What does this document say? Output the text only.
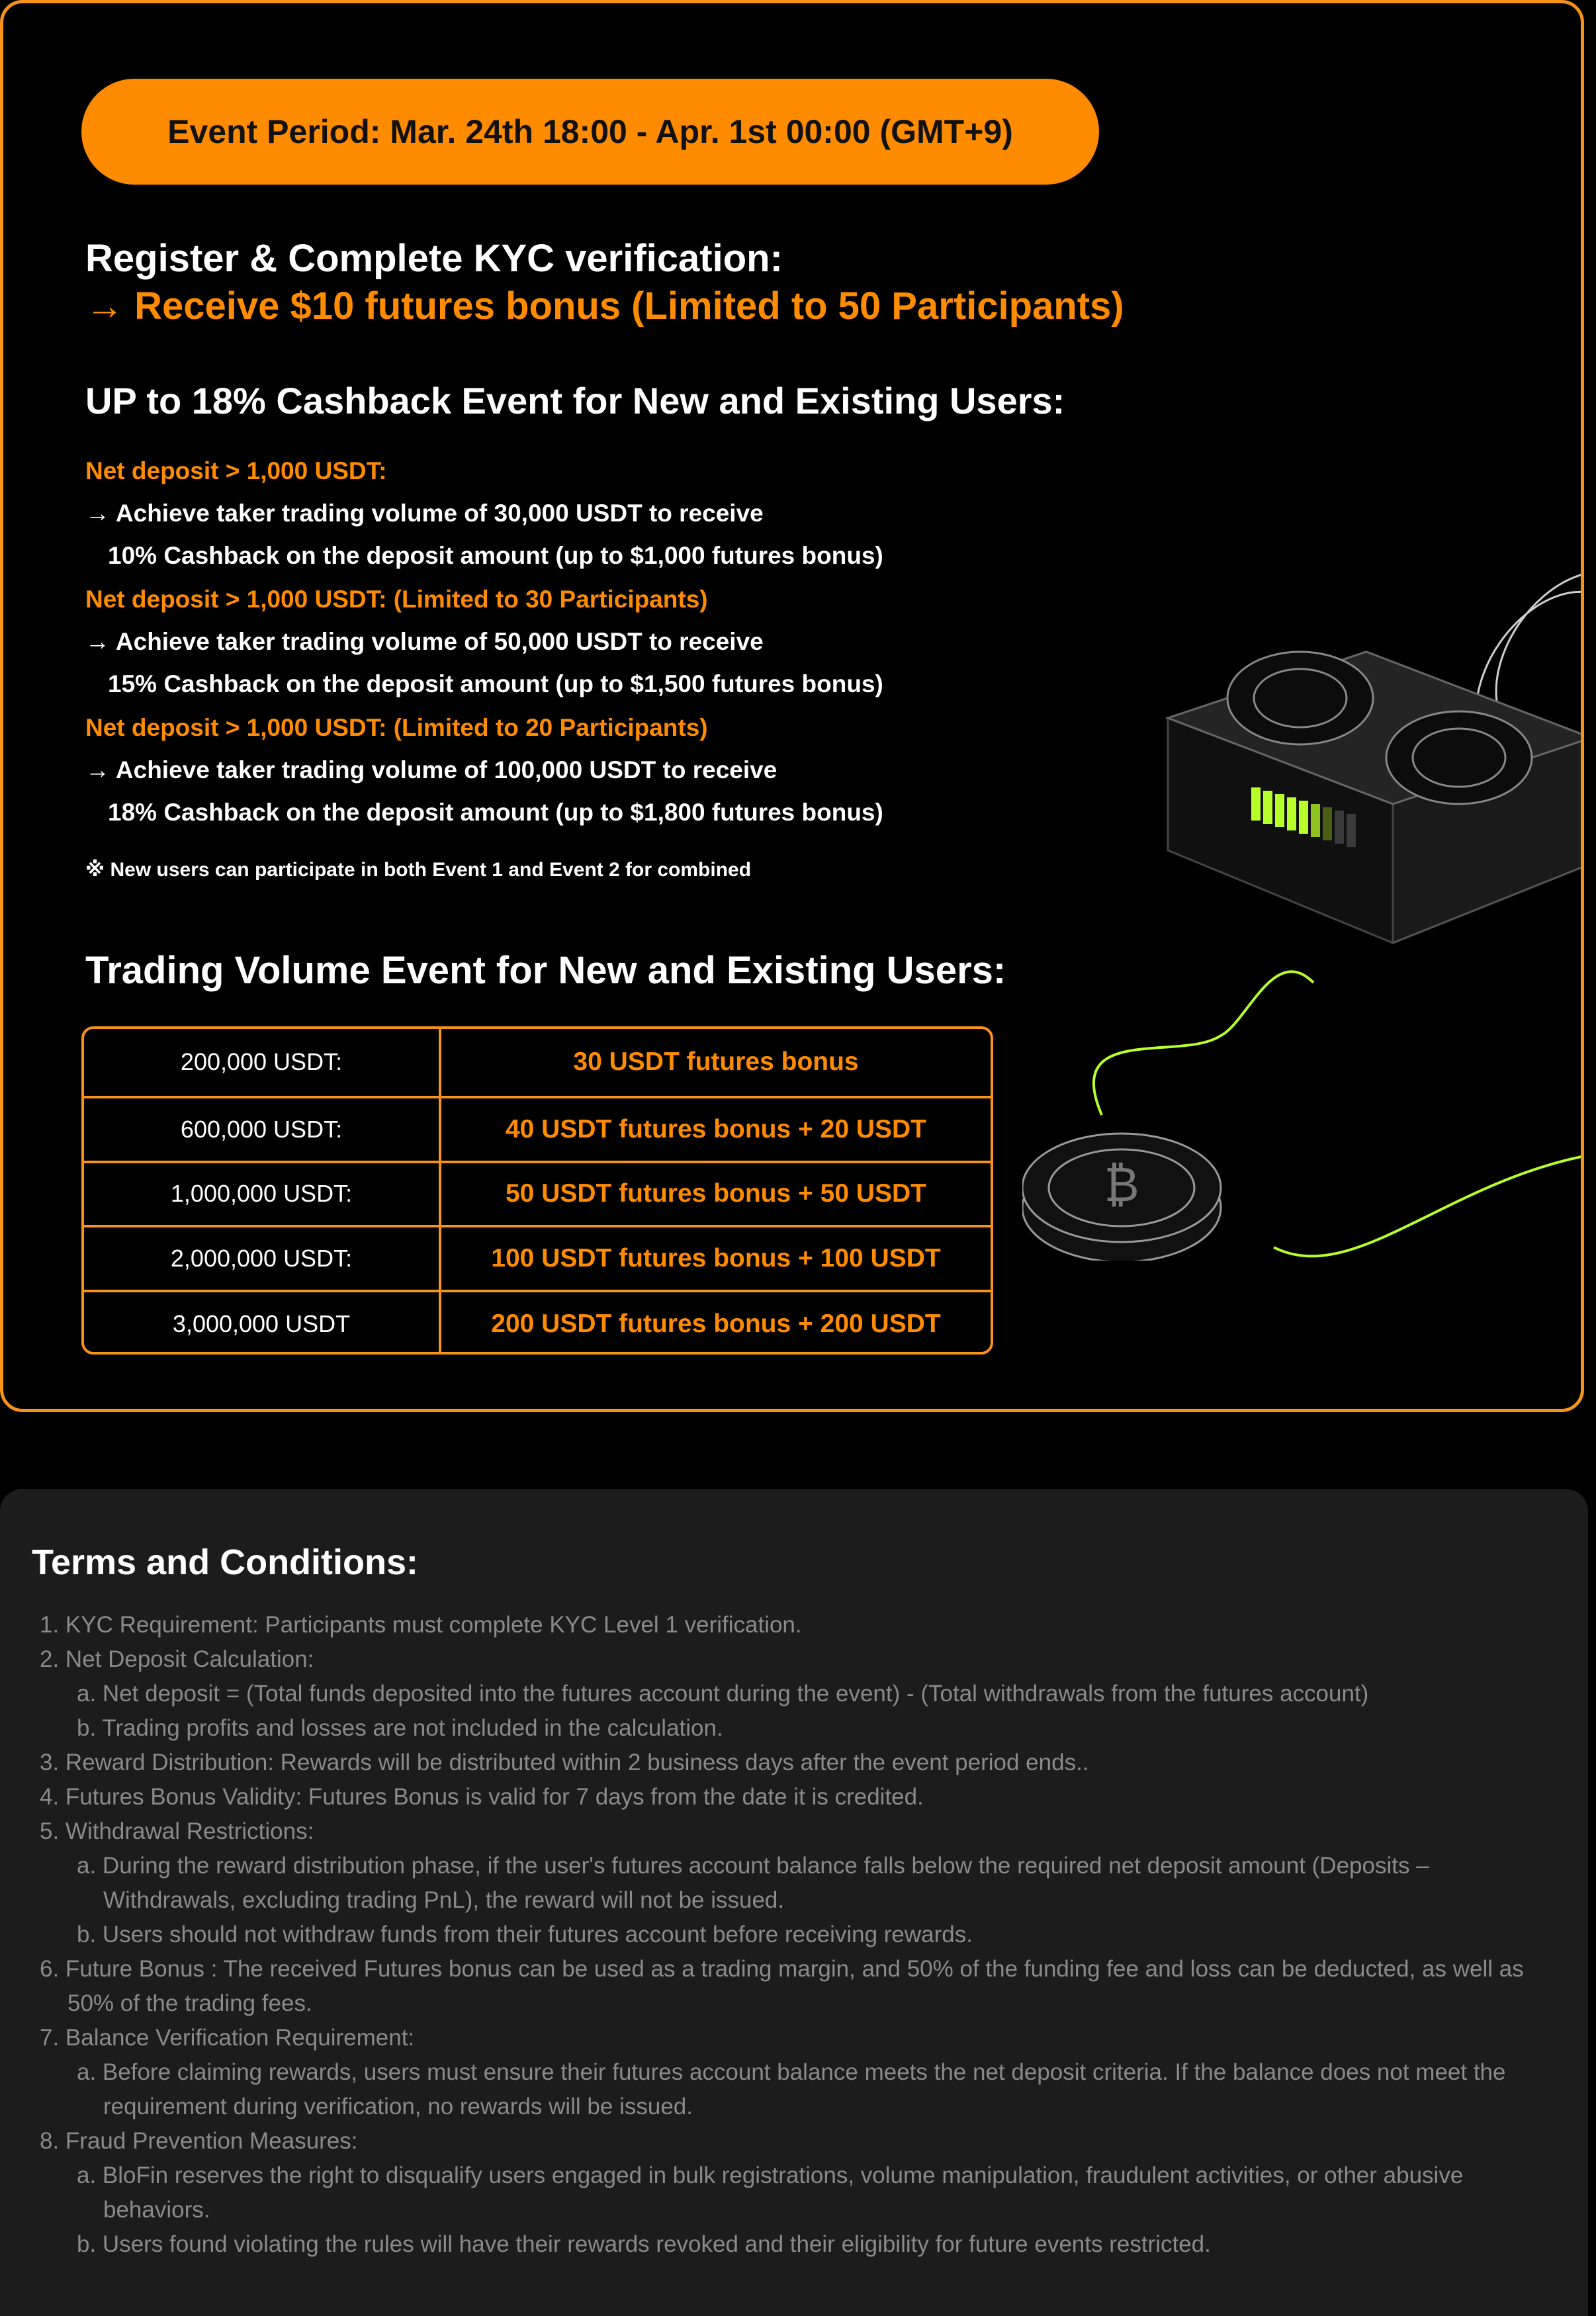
Event Period: Mar. 24th 18:00 - Apr. 1st 00:00 (GMT+9)
Register & Complete KYC verification:
→ Receive $10 futures bonus (Limited to 50 Participants)
UP to 18% Cashback Event for New and Existing Users:
Net deposit > 1,000 USDT:
→ Achieve taker trading volume of 30,000 USDT to receive
10% Cashback on the deposit amount (up to $1,000 futures bonus)
Net deposit > 1,000 USDT: (Limited to 30 Participants)
→ Achieve taker trading volume of 50,000 USDT to receive
15% Cashback on the deposit amount (up to $1,500 futures bonus)
Net deposit > 1,000 USDT: (Limited to 20 Participants)
→ Achieve taker trading volume of 100,000 USDT to receive
18% Cashback on the deposit amount (up to $1,800 futures bonus)
※ New users can participate in both Event 1 and Event 2 for combined
Trading Volume Event for New and Existing Users:
200,000 USDT:	30 USDT futures bonus
600,000 USDT:	40 USDT futures bonus + 20 USDT
1,000,000 USDT:	50 USDT futures bonus + 50 USDT
2,000,000 USDT:	100 USDT futures bonus + 100 USDT
3,000,000 USDT	200 USDT futures bonus + 200 USDT
₿
Terms and Conditions:
1. KYC Requirement: Participants must complete KYC Level 1 verification.
2. Net Deposit Calculation:
a. Net deposit = (Total funds deposited into the futures account during the event) - (Total withdrawals from the futures account)
b. Trading profits and losses are not included in the calculation.
3. Reward Distribution: Rewards will be distributed within 2 business days after the event period ends..
4. Futures Bonus Validity: Futures Bonus is valid for 7 days from the date it is credited.
5. Withdrawal Restrictions:
a. During the reward distribution phase, if the user's futures account balance falls below the required net deposit amount (Deposits –
Withdrawals, excluding trading PnL), the reward will not be issued.
b. Users should not withdraw funds from their futures account before receiving rewards.
6. Future Bonus : The received Futures bonus can be used as a trading margin, and 50% of the funding fee and loss can be deducted, as well as
50% of the trading fees.
7. Balance Verification Requirement:
a. Before claiming rewards, users must ensure their futures account balance meets the net deposit criteria. If the balance does not meet the
requirement during verification, no rewards will be issued.
8. Fraud Prevention Measures:
a. BloFin reserves the right to disqualify users engaged in bulk registrations, volume manipulation, fraudulent activities, or other abusive
behaviors.
b. Users found violating the rules will have their rewards revoked and their eligibility for future events restricted.
